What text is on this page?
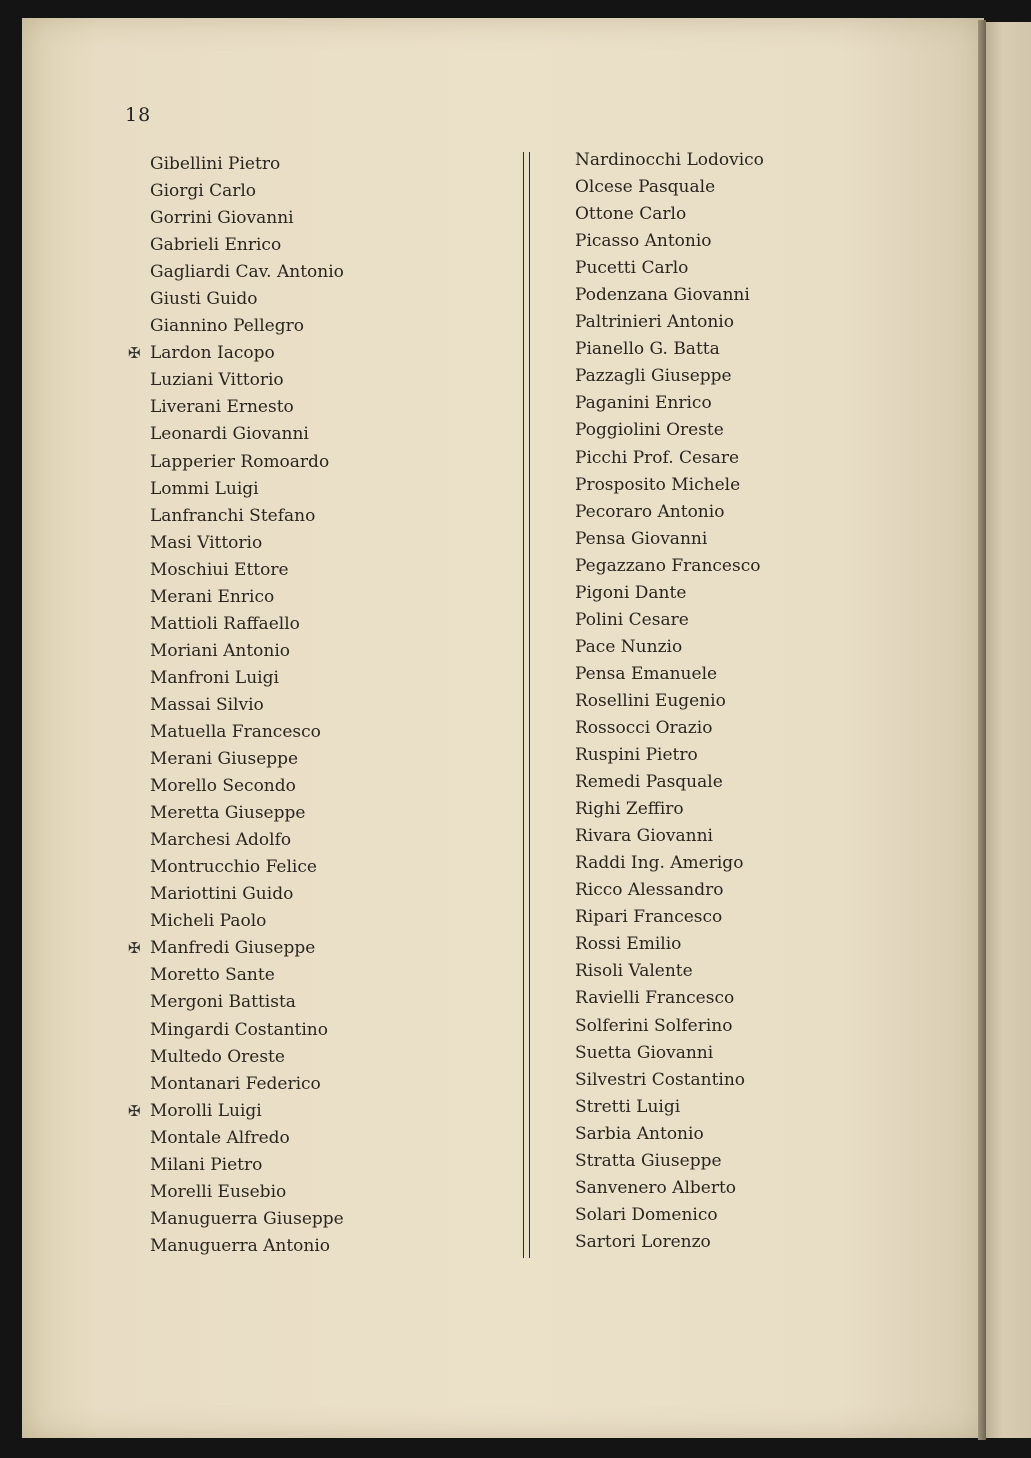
18
Gibellini Pietro
Giorgi Carlo
Gorrini Giovanni
Gabrieli Enrico
Gagliardi Cav. Antonio
Giusti Guido
Giannino Pellegro
✠ Lardon Iacopo
Luziani Vittorio
Liverani Ernesto
Leonardi Giovanni
Lapperier Romoardo
Lommi Luigi
Lanfranchi Stefano
Masi Vittorio
Moschiui Ettore
Merani Enrico
Mattioli Raffaello
Moriani Antonio
Manfroni Luigi
Massai Silvio
Matuella Francesco
Merani Giuseppe
Morello Secondo
Meretta Giuseppe
Marchesi Adolfo
Montrucchio Felice
Mariottini Guido
Micheli Paolo
✠ Manfredi Giuseppe
Moretto Sante
Mergoni Battista
Mingardi Costantino
Multedo Oreste
Montanari Federico
✠ Morolli Luigi
Montale Alfredo
Milani Pietro
Morelli Eusebio
Manuguerra Giuseppe
Manuguerra Antonio
Nardinocchi Lodovico
Olcese Pasquale
Ottone Carlo
Picasso Antonio
Pucetti Carlo
Podenzana Giovanni
Paltrinieri Antonio
Pianello G. Batta
Pazzagli Giuseppe
Paganini Enrico
Poggiolini Oreste
Picchi Prof. Cesare
Prosposito Michele
Pecoraro Antonio
Pensa Giovanni
Pegazzano Francesco
Pigoni Dante
Polini Cesare
Pace Nunzio
Pensa Emanuele
Rosellini Eugenio
Rossocci Orazio
Ruspini Pietro
Remedi Pasquale
Righi Zeffiro
Rivara Giovanni
Raddi Ing. Amerigo
Ricco Alessandro
Ripari Francesco
Rossi Emilio
Risoli Valente
Ravielli Francesco
Solferini Solferino
Suetta Giovanni
Silvestri Costantino
Stretti Luigi
Sarbia Antonio
Stratta Giuseppe
Sanvenero Alberto
Solari Domenico
Sartori Lorenzo
